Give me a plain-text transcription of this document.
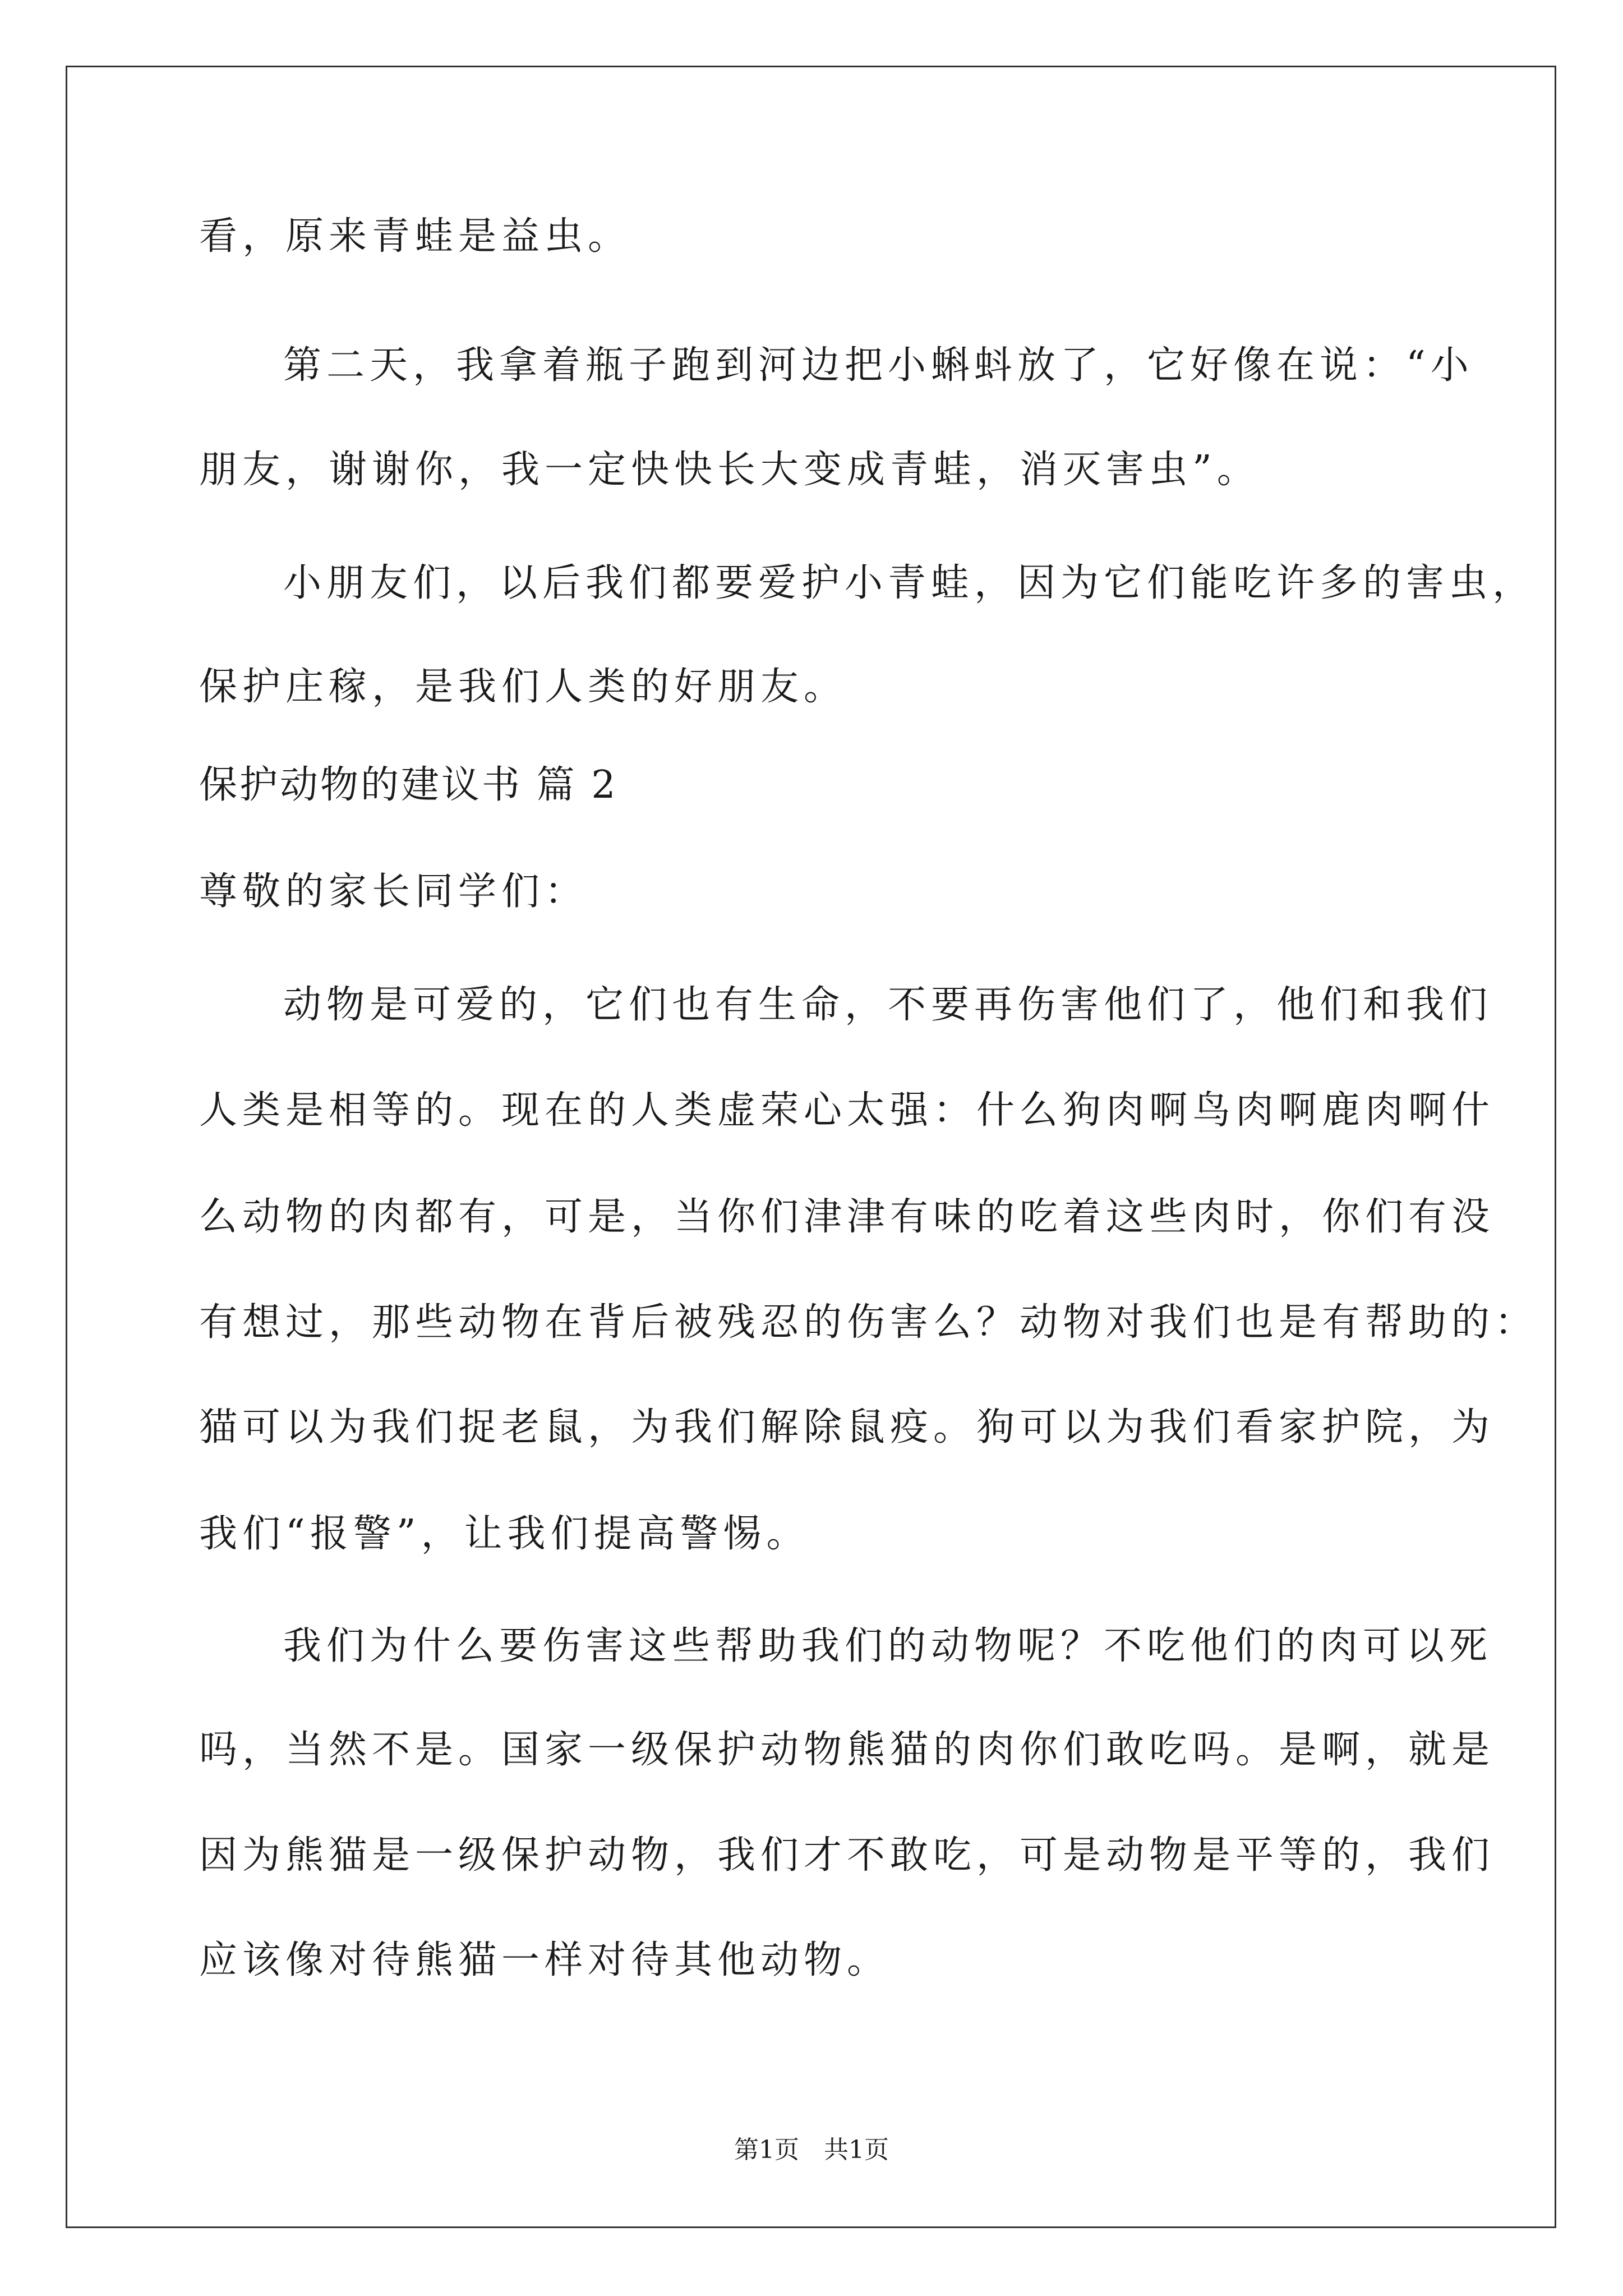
看，原来青蛙是益虫。
第二天，我拿着瓶子跑到河边把小蝌蚪放了，它好像在说：“小
朋友，谢谢你，我一定快快长大变成青蛙，消灭害虫”。
小朋友们，以后我们都要爱护小青蛙，因为它们能吃许多的害虫，
保护庄稼，是我们人类的好朋友。
保护动物的建议书 篇 2
尊敬的家长同学们：
动物是可爱的，它们也有生命，不要再伤害他们了，他们和我们
人类是相等的。现在的人类虚荣心太强：什么狗肉啊鸟肉啊鹿肉啊什
么动物的肉都有，可是，当你们津津有味的吃着这些肉时，你们有没
有想过，那些动物在背后被残忍的伤害么？动物对我们也是有帮助的：
猫可以为我们捉老鼠，为我们解除鼠疫。狗可以为我们看家护院，为
我们“报警”，让我们提高警惕。
我们为什么要伤害这些帮助我们的动物呢？不吃他们的肉可以死
吗，当然不是。国家一级保护动物熊猫的肉你们敢吃吗。是啊，就是
因为熊猫是一级保护动物，我们才不敢吃，可是动物是平等的，我们
应该像对待熊猫一样对待其他动物。
第1页　共1页
